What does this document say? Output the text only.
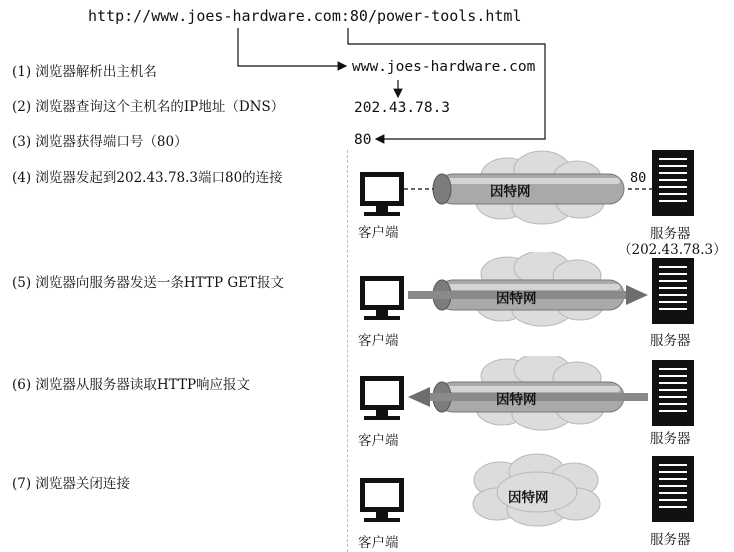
http://www.joes-hardware.com:80/power-tools.html
(1) 浏览器解析出主机名
(2) 浏览器查询这个主机名的IP地址（DNS）
(3) 浏览器获得端口号（80）
(4) 浏览器发起到202.43.78.3端口80的连接
(5) 浏览器向服务器发送一条HTTP GET报文
(6) 浏览器从服务器读取HTTP响应报文
(7) 浏览器关闭连接
www.joes-hardware.com
202.43.78.3
80
因特网
80
客户端	服务器
（202.43.78.3）
因特网
客户端	服务器
因特网
客户端	服务器
因特网
客户端	服务器
